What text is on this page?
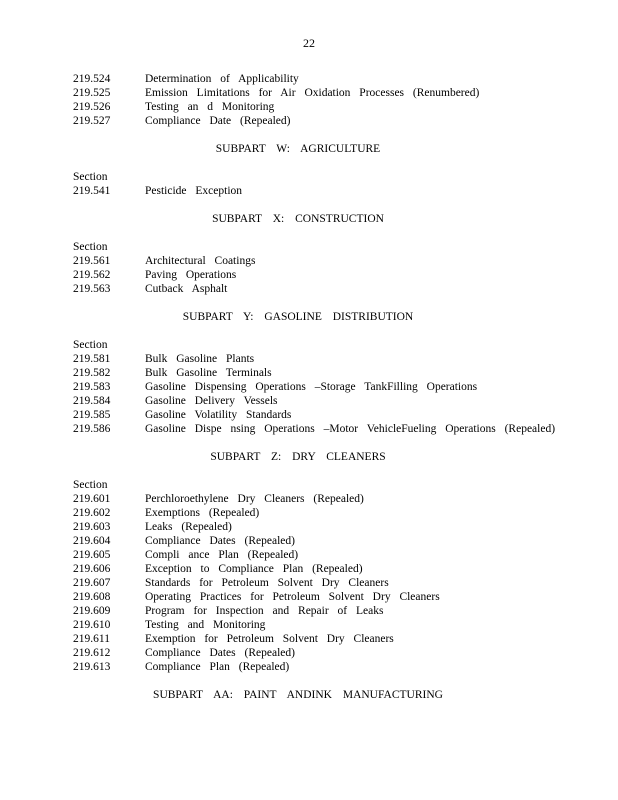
22
219.524	Determination of Applicability
219.525	Emission Limitations for Air Oxidation Processes (Renumbered)
219.526	Testing an d Monitoring
219.527	Compliance Date (Repealed)
SUBPART W: AGRICULTURE
Section
219.541	Pesticide Exception
SUBPART X: CONSTRUCTION
Section
219.561	Architectural Coatings
219.562	Paving Operations
219.563	Cutback Asphalt
SUBPART Y: GASOLINE DISTRIBUTION
Section
219.581	Bulk Gasoline Plants
219.582	Bulk Gasoline Terminals
219.583	Gasoline Dispensing Operations –Storage TankFilling Operations
219.584	Gasoline Delivery Vessels
219.585	Gasoline Volatility Standards
219.586	Gasoline Dispe nsing Operations –Motor VehicleFueling Operations (Repealed)
SUBPART Z: DRY CLEANERS
Section
219.601	Perchloroethylene Dry Cleaners (Repealed)
219.602	Exemptions (Repealed)
219.603	Leaks (Repealed)
219.604	Compliance Dates (Repealed)
219.605	Compli ance Plan (Repealed)
219.606	Exception to Compliance Plan (Repealed)
219.607	Standards for Petroleum Solvent Dry Cleaners
219.608	Operating Practices for Petroleum Solvent Dry Cleaners
219.609	Program for Inspection and Repair of Leaks
219.610	Testing and Monitoring
219.611	Exemption for Petroleum Solvent Dry Cleaners
219.612	Compliance Dates (Repealed)
219.613	Compliance Plan (Repealed)
SUBPART AA: PAINT ANDINK MANUFACTURING
